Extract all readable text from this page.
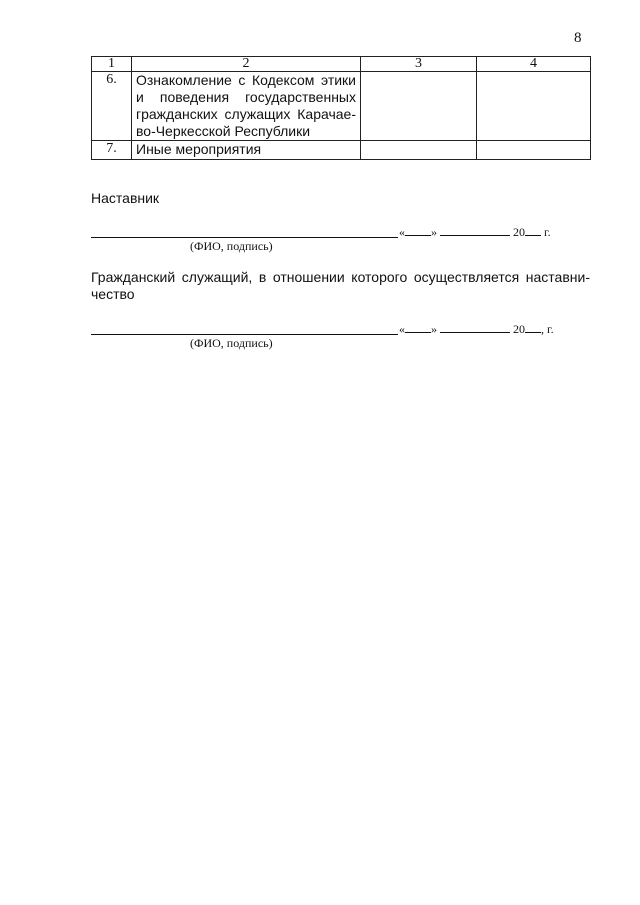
8
1	2	3	4
6.	Ознакомление с Кодексом этики
и поведения государственных
гражданских служащих Карачае-
во-Черкесской Республики		

7.	Иные мероприятия		

Наставник
« »	20 г.
(ФИО, подпись)
Гражданский служащий, в отношении которого осуществляется наставни-
чество
« »	20 , г.
(ФИО, подпись)
